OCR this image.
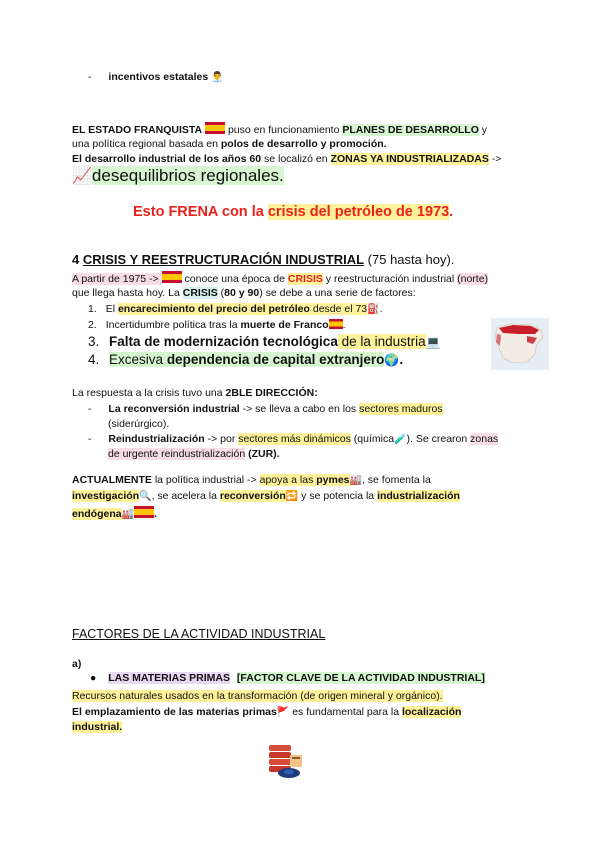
- incentivos estatales 👨‍💼
EL ESTADO FRANQUISTA  puso en funcionamiento PLANES DE DESARROLLO y
una política regional basada en polos de desarrollo y promoción.
El desarrollo industrial de los años 60 se localizó en ZONAS YA INDUSTRIALIZADAS ->
📈desequilibrios regionales.
Esto FRENA con la crisis del petróleo de 1973.
4 CRISIS Y REESTRUCTURACIÓN INDUSTRIAL (75 hasta hoy).
A partir de 1975 ->  conoce una época de CRISIS y reestructuración industrial (norte)
que llega hasta hoy. La CRISIS (80 y 90) se debe a una serie de factores:
1. El encarecimiento del precio del petróleo desde el 73⛽.
2. Incertidumbre política tras la muerte de Franco .
3. Falta de modernización tecnológica de la industria💻
4. Excesiva dependencia de capital extranjero🌍.
La respuesta a la crisis tuvo una 2BLE DIRECCIÓN:
- La reconversión industrial -> se lleva a cabo en los sectores maduros
(siderúrgico).
- Reindustrialización -> por sectores más dinámicos (química🧪). Se crearon zonas
de urgente reindustrialización (ZUR).
ACTUALMENTE la política industrial -> apoya a las pymes🏭, se fomenta la
investigación🔍, se acelera la reconversión🔁 y se potencia la industrialización
endógena🏭 .
FACTORES DE LA ACTIVIDAD INDUSTRIAL
a)
● LAS MATERIAS PRIMAS [FACTOR CLAVE DE LA ACTIVIDAD INDUSTRIAL]
Recursos naturales usados en la transformación (de origen mineral y orgánico).
El emplazamiento de las materias primas🚩 es fundamental para la localización
industrial.
